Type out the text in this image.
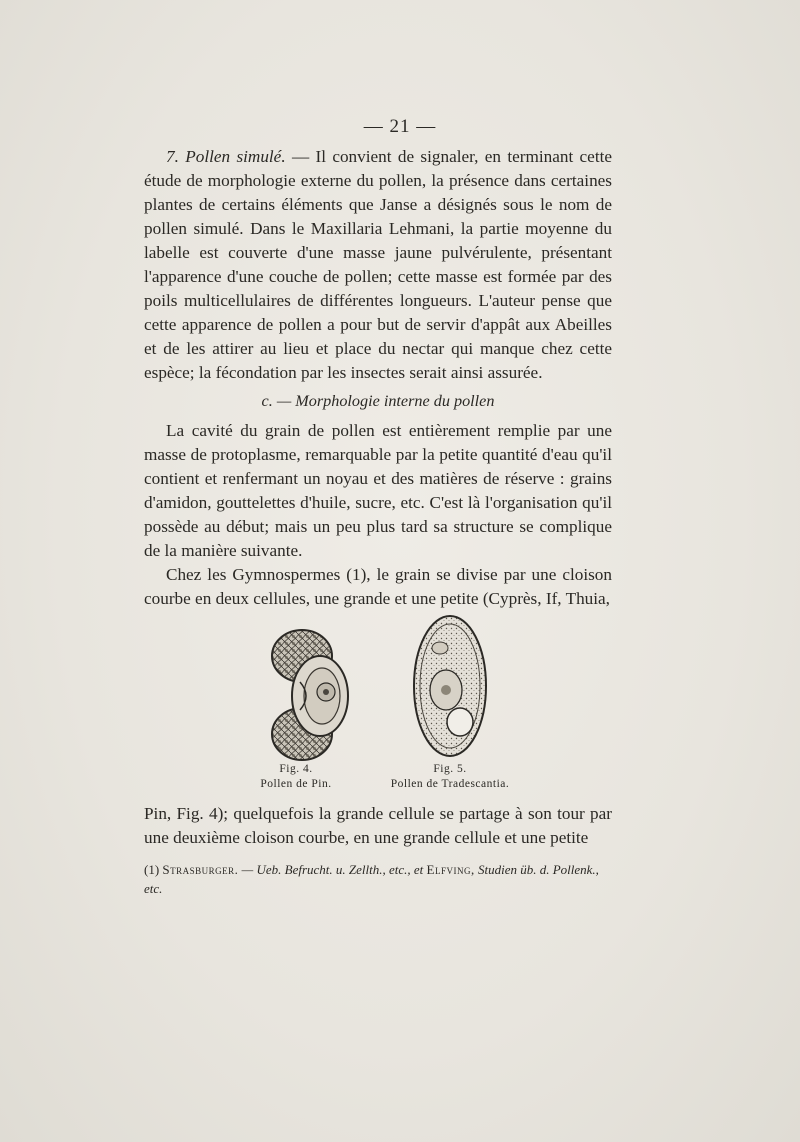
— 21 —

7. Pollen simulé. — Il convient de signaler, en terminant cette étude de morphologie externe du pollen, la présence dans certaines plantes de certains éléments que Janse a désignés sous le nom de pollen simulé. Dans le Maxillaria Lehmani, la partie moyenne du labelle est couverte d'une masse jaune pulvérulente, présentant l'apparence d'une couche de pollen; cette masse est formée par des poils multicellulaires de différentes longueurs. L'auteur pense que cette apparence de pollen a pour but de servir d'appât aux Abeilles et de les attirer au lieu et place du nectar qui manque chez cette espèce; la fécondation par les insectes serait ainsi assurée.

c. — Morphologie interne du pollen

La cavité du grain de pollen est entièrement remplie par une masse de protoplasme, remarquable par la petite quantité d'eau qu'il contient et renfermant un noyau et des matières de réserve : grains d'amidon, gouttelettes d'huile, sucre, etc. C'est là l'organisation qu'il possède au début; mais un peu plus tard sa structure se complique de la manière suivante.

Chez les Gymnospermes (1), le grain se divise par une cloison courbe en deux cellules, une grande et une petite (Cyprès, If, Thuia,

Fig. 4.
Pollen de Pin.
Fig. 5.
Pollen de Tradescantia.

Pin, Fig. 4); quelquefois la grande cellule se partage à son tour par une deuxième cloison courbe, en une grande cellule et une petite

(1) Strasburger. — Ueb. Befrucht. u. Zellth., etc., et Elfving, Studien üb. d. Pollenk., etc.
